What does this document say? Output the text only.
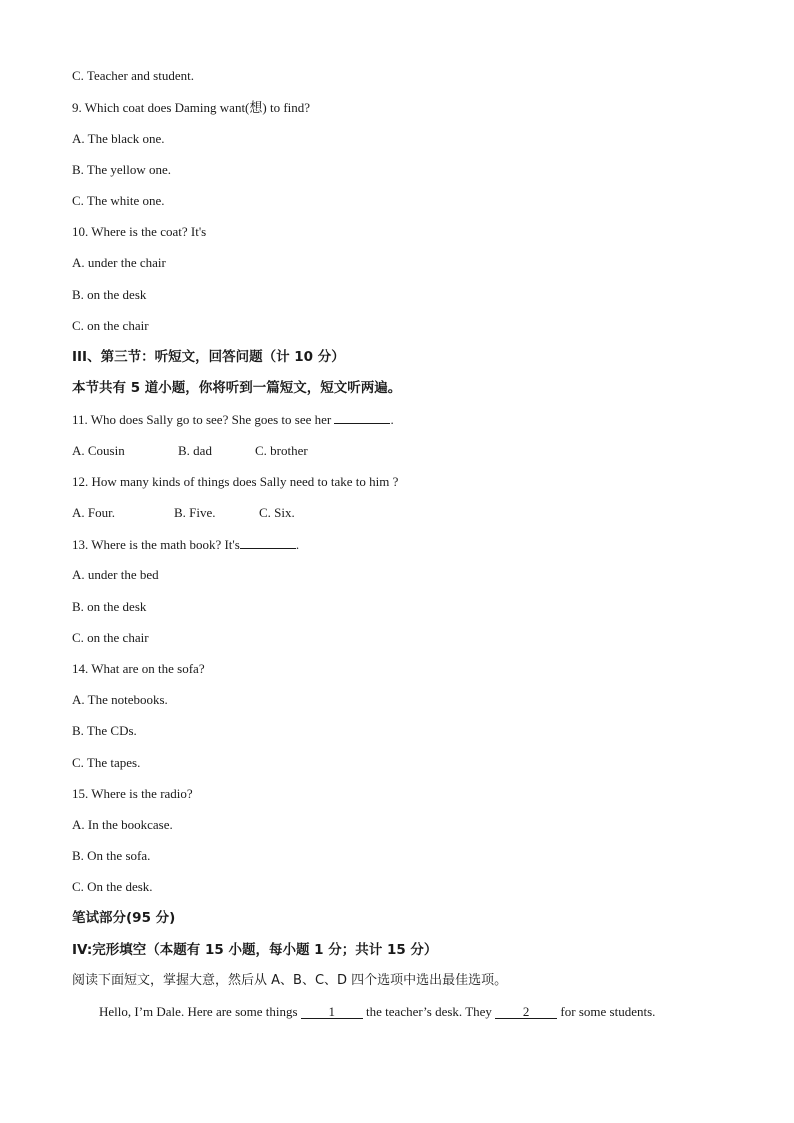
C. Teacher and student.
9. Which coat does Daming want(想) to find?
A. The black one.
B. The yellow one.
C. The white one.
10. Where is the coat? It's
A. under the chair
B. on the desk
C. on the chair
III、第三节：听短文，回答问题（计 10 分）
本节共有 5 道小题，你将听到一篇短文，短文听两遍。
11. Who does Sally go to see? She goes to see her	.
A. Cousin	B. dad	C. brother
12. How many kinds of things does Sally need to take to him ?
A. Four.	B. Five.	C. Six.
13. Where is the math book? It's	.
A. under the bed
B. on the desk
C. on the chair
14. What are on the sofa?
A. The notebooks.
B. The CDs.
C. The tapes.
15. Where is the radio?
A. In the bookcase.
B. On the sofa.
C. On the desk.
笔试部分(95 分)
IV:完形填空（本题有 15 小题，每小题 1 分；共计 15 分）
阅读下面短文，掌握大意，然后从 A、B、C、D 四个选项中选出最佳选项。
Hello, I’m Dale. Here are some things 1 the teacher’s desk. They 2 for some students.
